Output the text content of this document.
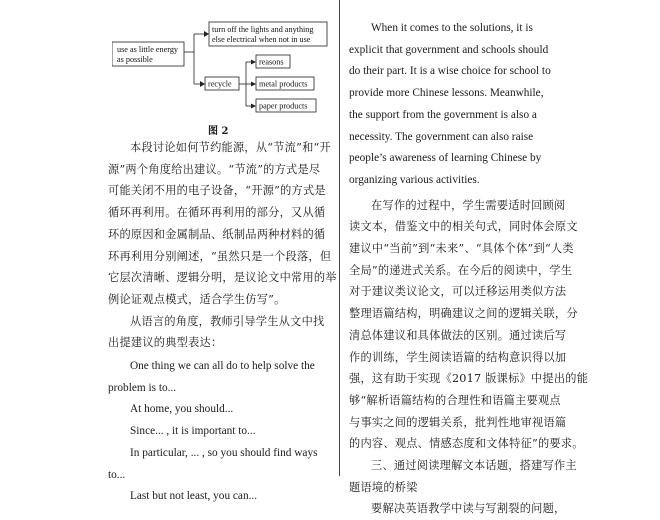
use as little energy
as possible
turn off the lights and anything
else electrical when not in use
recycle
reasons
metal products
paper products
图 2

本段讨论如何节约能源，从“节流”和“开

源”两个角度给出建议。“节流”的方式是尽

可能关闭不用的电子设备，“开源”的方式是

循环再利用。在循环再利用的部分，又从循

环的原因和金属制品、纸制品两种材料的循

环再利用分别阐述，“虽然只是一个段落，但

它层次清晰、逻辑分明，是议论文中常用的举

例论证观点模式，适合学生仿写”。

从语言的角度，教师引导学生从文中找

出提建议的典型表达：

One thing we can all do to help solve the

problem is to...

At home, you should...

Since... , it is important to...

In particular, ... , so you should find ways

to...

Last but not least, you can...

When it comes to the solutions, it is

explicit that government and schools should

do their part. It is a wise choice for school to

provide more Chinese lessons. Meanwhile,

the support from the government is also a

necessity. The government can also raise

people’s awareness of learning Chinese by

organizing various activities.

在写作的过程中，学生需要适时回顾阅

读文本，借鉴文中的相关句式，同时体会原文

建议中“当前”到“未来”、“具体个体”到“人类

全局”的递进式关系。在今后的阅读中，学生

对于建议类议论文，可以迁移运用类似方法

整理语篇结构，明确建议之间的逻辑关联，分

清总体建议和具体做法的区别。通过读后写

作的训练，学生阅读语篇的结构意识得以加

强，这有助于实现《2017 版课标》中提出的能

够“解析语篇结构的合理性和语篇主要观点

与事实之间的逻辑关系，批判性地审视语篇

的内容、观点、情感态度和文体特征”的要求。

三、通过阅读理解文本话题，搭建写作主

题语境的桥梁

要解决英语教学中读与写割裂的问题，
